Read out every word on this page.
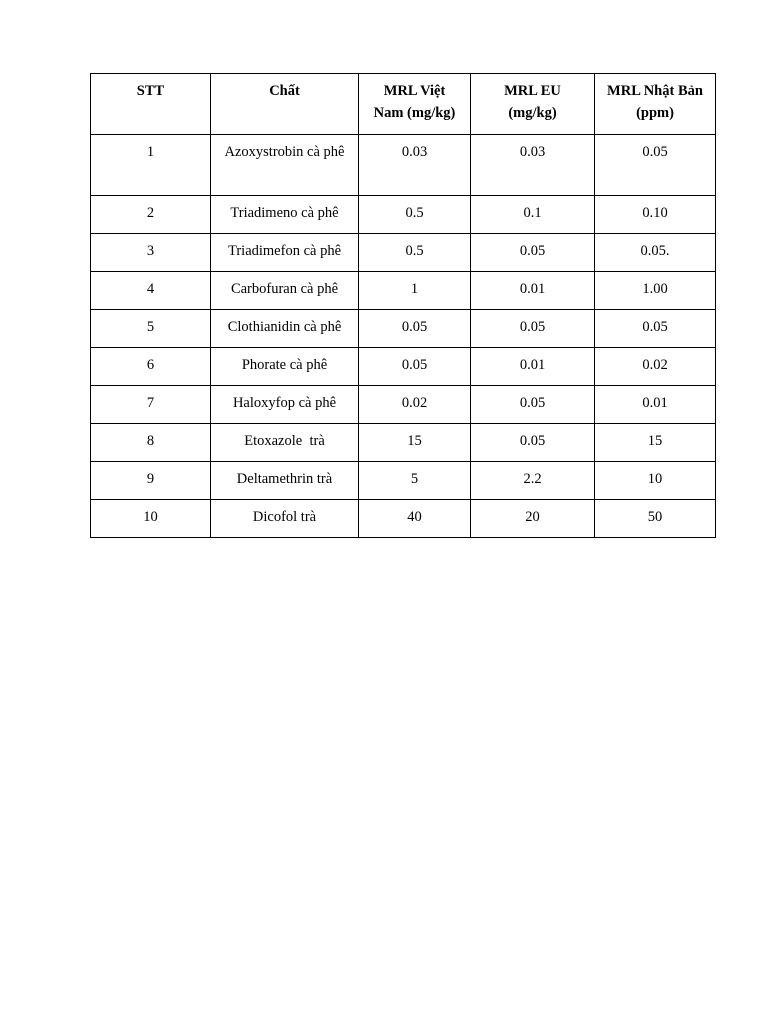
STT	Chất	MRL Việt Nam (mg/kg)	MRL EU (mg/kg)	MRL Nhật Bản (ppm)
1	Azoxystrobin cà phê	0.03	0.03	0.05
2	Triadimeno cà phê	0.5	0.1	0.10
3	Triadimefon cà phê	0.5	0.05	0.05.
4	Carbofuran cà phê	1	0.01	1.00
5	Clothianidin cà phê	0.05	0.05	0.05
6	Phorate cà phê	0.05	0.01	0.02
7	Haloxyfop cà phê	0.02	0.05	0.01
8	Etoxazole  trà	15	0.05	15
9	Deltamethrin trà	5	2.2	10
10	Dicofol trà	40	20	50
